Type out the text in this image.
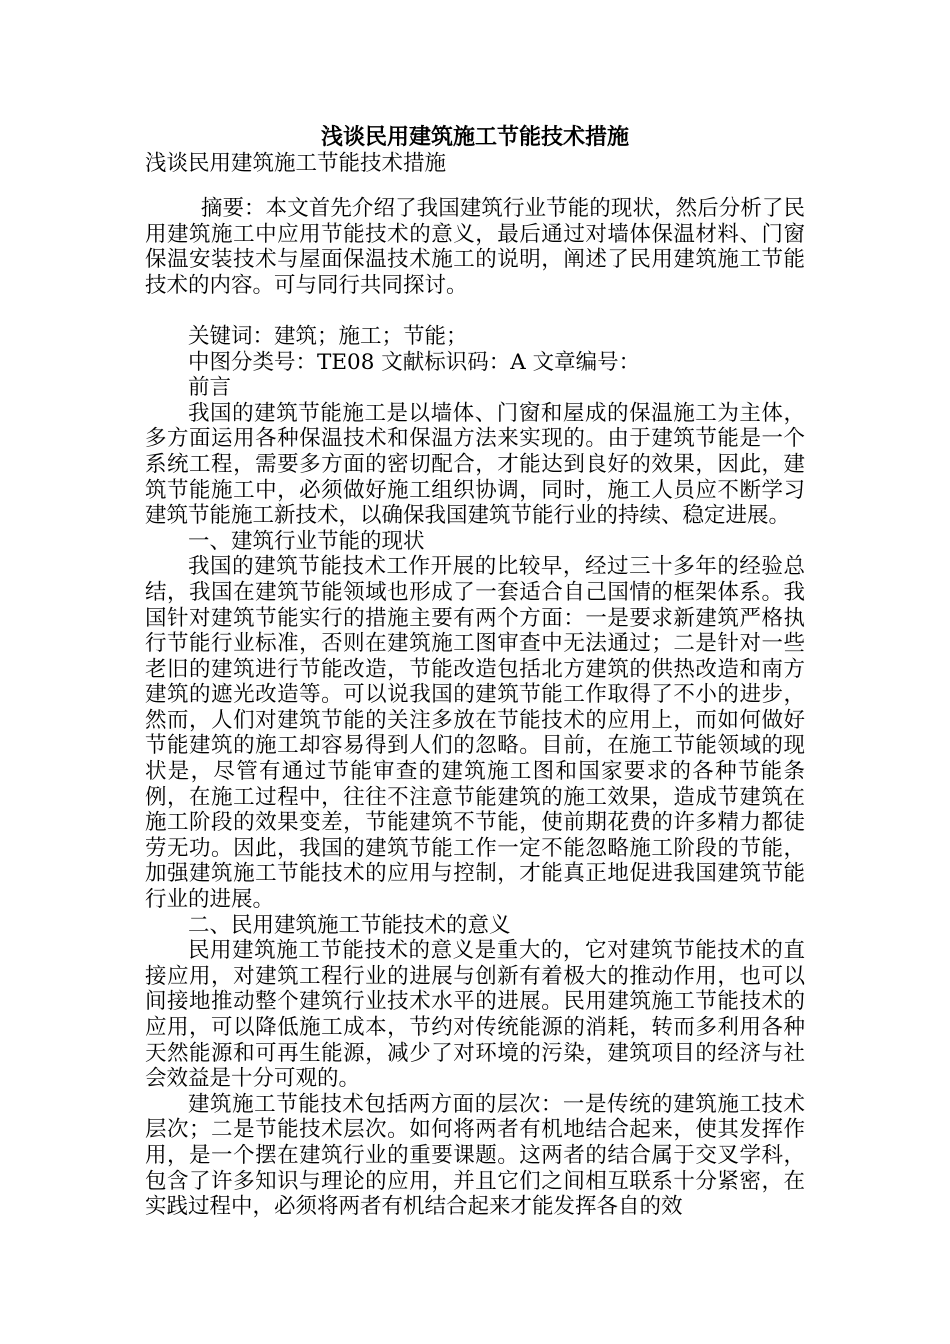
浅谈民用建筑施工节能技术措施
浅谈民用建筑施工节能技术措施

摘要：本文首先介绍了我国建筑行业节能的现状，然后分析了民用建筑施工中应用节能技术的意义，最后通过对墙体保温材料、门窗保温安装技术与屋面保温技术施工的说明，阐述了民用建筑施工节能技术的内容。可与同行共同探讨。

关键词：建筑；施工；节能；

中图分类号：TE08 文献标识码：A 文章编号：

前言

我国的建筑节能施工是以墙体、门窗和屋成的保温施工为主体，多方面运用各种保温技术和保温方法来实现的。由于建筑节能是一个系统工程，需要多方面的密切配合，才能达到良好的效果，因此，建筑节能施工中，必须做好施工组织协调，同时，施工人员应不断学习建筑节能施工新技术，以确保我国建筑节能行业的持续、稳定进展。

一、建筑行业节能的现状

我国的建筑节能技术工作开展的比较早，经过三十多年的经验总结，我国在建筑节能领域也形成了一套适合自己国情的框架体系。我国针对建筑节能实行的措施主要有两个方面：一是要求新建筑严格执行节能行业标准，否则在建筑施工图审查中无法通过；二是针对一些老旧的建筑进行节能改造，节能改造包括北方建筑的供热改造和南方建筑的遮光改造等。可以说我国的建筑节能工作取得了不小的进步，然而，人们对建筑节能的关注多放在节能技术的应用上，而如何做好节能建筑的施工却容易得到人们的忽略。目前，在施工节能领域的现状是，尽管有通过节能审查的建筑施工图和国家要求的各种节能条例，在施工过程中，往往不注意节能建筑的施工效果，造成节建筑在施工阶段的效果变差，节能建筑不节能，使前期花费的许多精力都徒劳无功。因此，我国的建筑节能工作一定不能忽略施工阶段的节能，加强建筑施工节能技术的应用与控制，才能真正地促进我国建筑节能行业的进展。

二、民用建筑施工节能技术的意义

民用建筑施工节能技术的意义是重大的，它对建筑节能技术的直接应用，对建筑工程行业的进展与创新有着极大的推动作用，也可以间接地推动整个建筑行业技术水平的进展。民用建筑施工节能技术的应用，可以降低施工成本，节约对传统能源的消耗，转而多利用各种天然能源和可再生能源，减少了对环境的污染，建筑项目的经济与社会效益是十分可观的。

建筑施工节能技术包括两方面的层次：一是传统的建筑施工技术层次；二是节能技术层次。如何将两者有机地结合起来，使其发挥作用，是一个摆在建筑行业的重要课题。这两者的结合属于交叉学科，包含了许多知识与理论的应用，并且它们之间相互联系十分紧密，在实践过程中，必须将两者有机结合起来才能发挥各自的效
